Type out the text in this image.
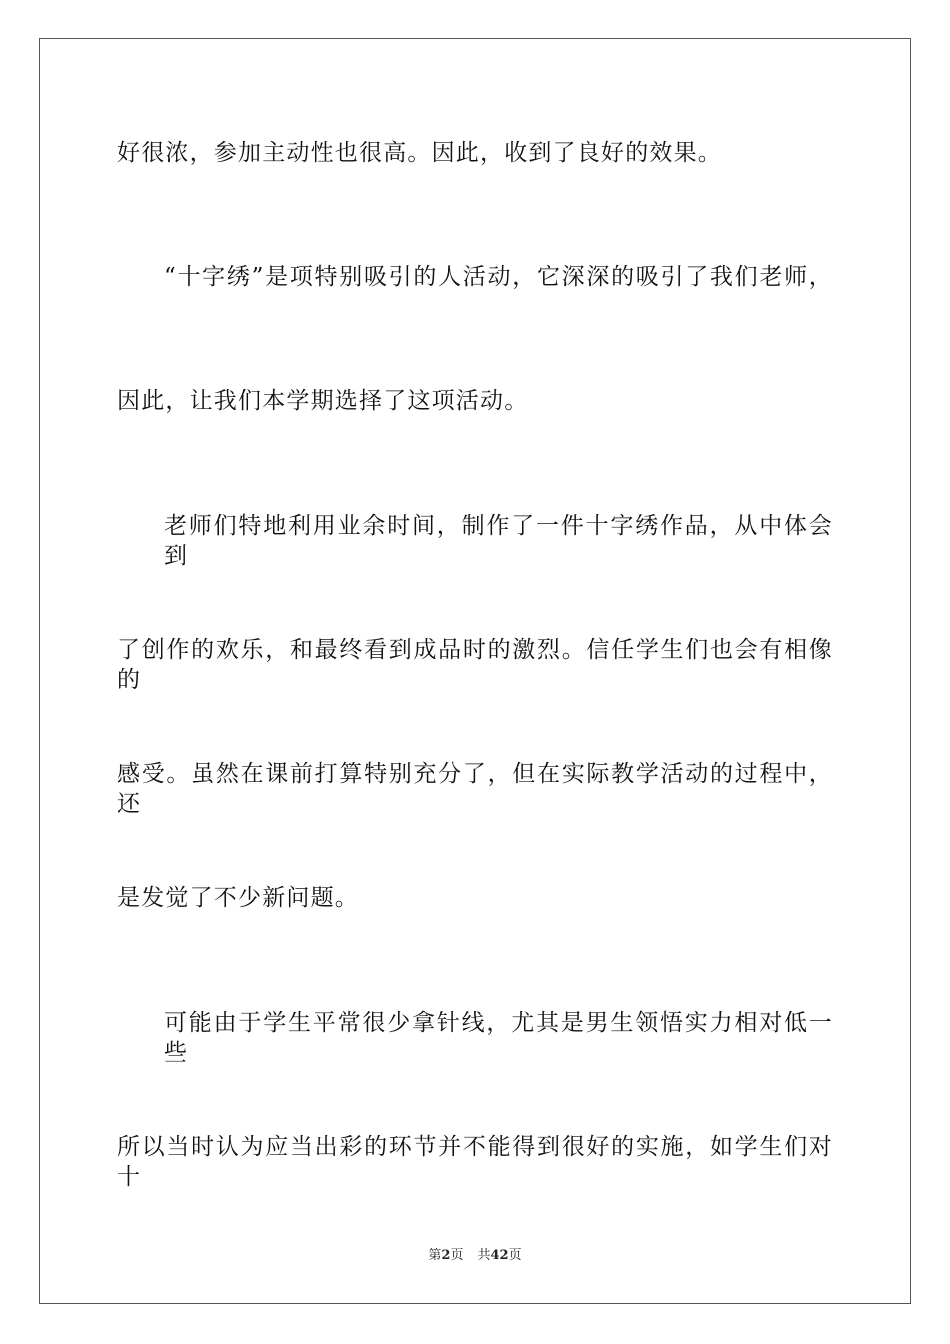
好很浓，参加主动性也很高。因此，收到了良好的效果。
“十字绣”是项特别吸引的人活动，它深深的吸引了我们老师，
因此，让我们本学期选择了这项活动。
老师们特地利用业余时间，制作了一件十字绣作品，从中体会到
了创作的欢乐，和最终看到成品时的激烈。信任学生们也会有相像的
感受。虽然在课前打算特别充分了，但在实际教学活动的过程中，还
是发觉了不少新问题。
可能由于学生平常很少拿针线，尤其是男生领悟实力相对低一些
所以当时认为应当出彩的环节并不能得到很好的实施，如学生们对十
第2页 共42页
